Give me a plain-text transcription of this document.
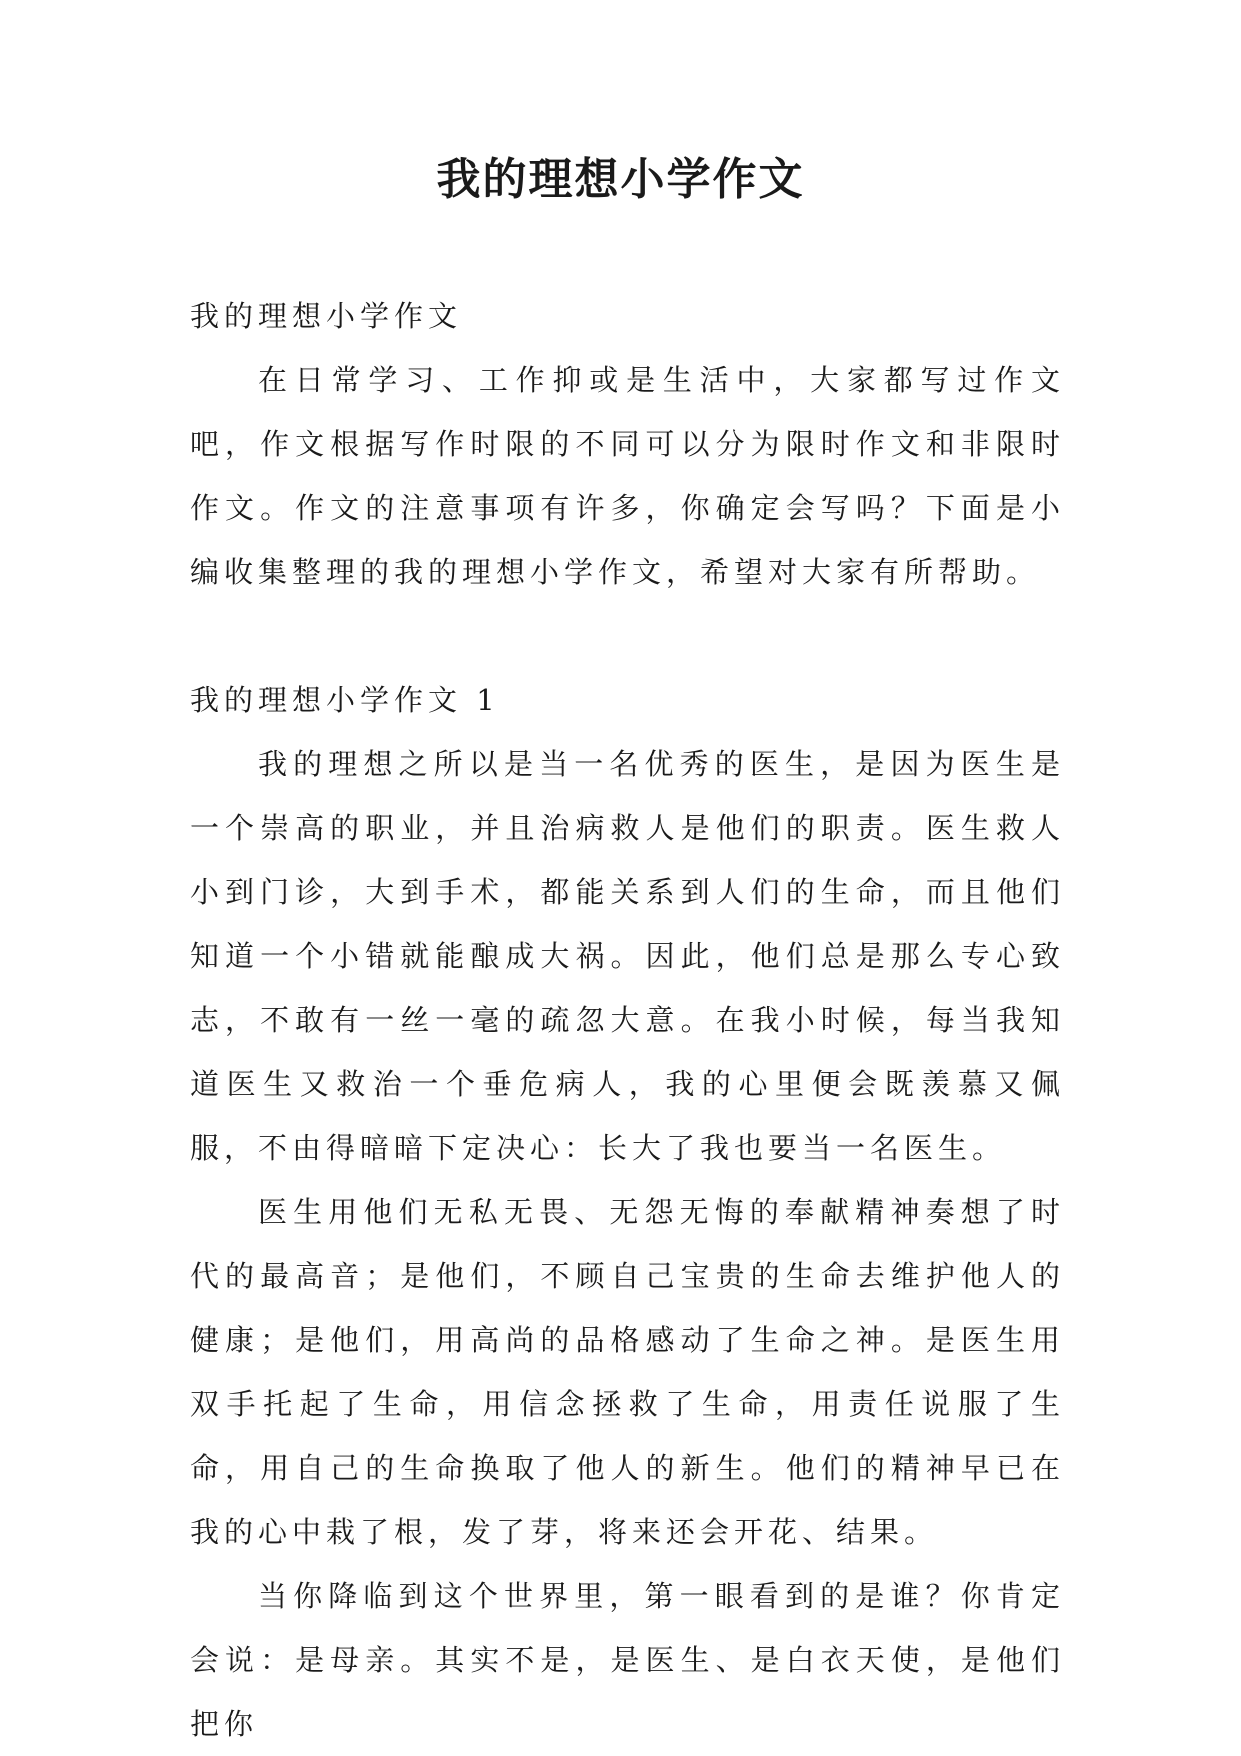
我的理想小学作文

我的理想小学作文

在日常学习、工作抑或是生活中，大家都写过作文吧，作文根据写作时限的不同可以分为限时作文和非限时作文。作文的注意事项有许多，你确定会写吗？下面是小编收集整理的我的理想小学作文，希望对大家有所帮助。

我的理想小学作文 1

我的理想之所以是当一名优秀的医生，是因为医生是一个崇高的职业，并且治病救人是他们的职责。医生救人小到门诊，大到手术，都能关系到人们的生命，而且他们知道一个小错就能酿成大祸。因此，他们总是那么专心致志，不敢有一丝一毫的疏忽大意。在我小时候，每当我知道医生又救治一个垂危病人，我的心里便会既羡慕又佩服，不由得暗暗下定决心：长大了我也要当一名医生。

医生用他们无私无畏、无怨无悔的奉献精神奏想了时代的最高音；是他们，不顾自己宝贵的生命去维护他人的健康；是他们，用高尚的品格感动了生命之神。是医生用双手托起了生命，用信念拯救了生命，用责任说服了生命，用自己的生命换取了他人的新生。他们的精神早已在我的心中栽了根，发了芽，将来还会开花、结果。

当你降临到这个世界里，第一眼看到的是谁？你肯定会说：是母亲。其实不是，是医生、是白衣天使，是他们把你
